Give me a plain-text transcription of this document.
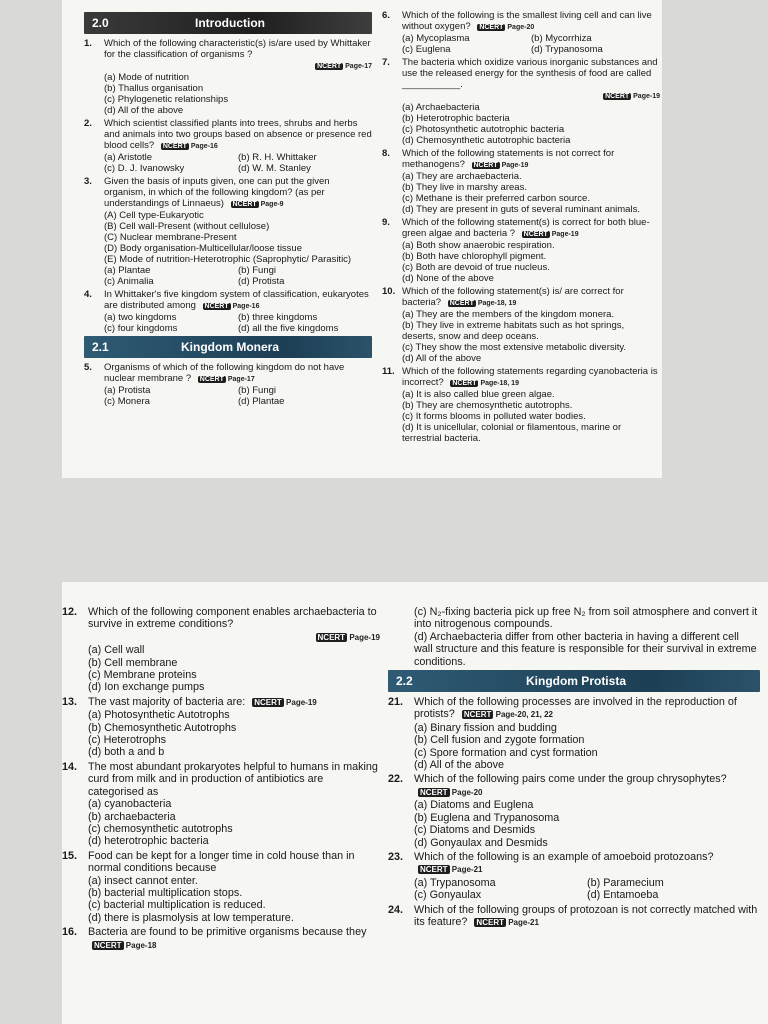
2.0	Introduction
1.	Which of the following characteristic(s) is/are used by Whittaker for the classification of organisms ?
NCERT Page-17
(a) Mode of nutrition
(b) Thallus organisation
(c) Phylogenetic relationships
(d) All of the above
2.	Which scientist classified plants into trees, shrubs and herbs and animals into two groups based on absence or presence red blood cells? NCERT Page-16
(a) Aristotle	(b) R. H. Whittaker
(c) D. J. Ivanowsky	(d) W. M. Stanley
3.	Given the basis of inputs given, one can put the given organism, in which of the following kingdom? (as per understandings of Linnaeus) NCERT Page-9
(A) Cell type-Eukaryotic
(B) Cell wall-Present (without cellulose)
(C) Nuclear membrane-Present
(D) Body organisation-Multicellular/loose tissue
(E) Mode of nutrition-Heterotrophic (Saprophytic/ Parasitic)
(a) Plantae	(b) Fungi
(c) Animalia	(d) Protista
4.	In Whittaker's five kingdom system of classification, eukaryotes are distributed among NCERT Page-16
(a) two kingdoms	(b) three kingdoms
(c) four kingdoms	(d) all the five kingdoms
2.1	Kingdom Monera
5.	Organisms of which of the following kingdom do not have nuclear membrane ? NCERT Page-17
(a) Protista	(b) Fungi
(c) Monera	(d) Plantae
6.	Which of the following is the smallest living cell and can live without oxygen? NCERT Page-20
(a) Mycoplasma	(b) Mycorrhiza
(c) Euglena	(d) Trypanosoma
7.	The bacteria which oxidize various inorganic substances and use the released energy for the synthesis of food are called ___________.
NCERT Page-19
(a) Archaebacteria
(b) Heterotrophic bacteria
(c) Photosynthetic autotrophic bacteria
(d) Chemosynthetic autotrophic bacteria
8.	Which of the following statements is not correct for methanogens? NCERT Page-19
(a) They are archaebacteria.
(b) They live in marshy areas.
(c) Methane is their preferred carbon source.
(d) They are present in guts of several ruminant animals.
9.	Which of the following statement(s) is correct for both blue-green algae and bacteria ? NCERT Page-19
(a) Both show anaerobic respiration.
(b) Both have chlorophyll pigment.
(c) Both are devoid of true nucleus.
(d) None of the above
10. Which of the following statement(s) is/ are correct for bacteria? NCERT Page-18, 19
(a) They are the members of the kingdom monera.
(b) They live in extreme habitats such as hot springs, deserts, snow and deep oceans.
(c) They show the most extensive metabolic diversity.
(d) All of the above
11. Which of the following statements regarding cyanobacteria is incorrect? NCERT Page-18, 19
(a) It is also called blue green algae.
(b) They are chemosynthetic autotrophs.
(c) It forms blooms in polluted water bodies.
(d) It is unicellular, colonial or filamentous, marine or terrestrial bacteria.
12.	Which of the following component enables archaebacteria to survive in extreme conditions?
NCERT Page-19
(a) Cell wall
(b) Cell membrane
(c) Membrane proteins
(d) Ion exchange pumps
13.	The vast majority of bacteria are: NCERT Page-19
(a) Photosynthetic Autotrophs
(b) Chemosynthetic Autotrophs
(c) Heterotrophs
(d) both a and b
14.	The most abundant prokaryotes helpful to humans in making curd from milk and in production of antibiotics are categorised as
(a) cyanobacteria
(b) archaebacteria
(c) chemosynthetic autotrophs
(d) heterotrophic bacteria
15.	Food can be kept for a longer time in cold house than in normal conditions because
(a) insect cannot enter.
(b) bacterial multiplication stops.
(c) bacterial multiplication is reduced.
(d) there is plasmolysis at low temperature.
16.	Bacteria are found to be primitive organisms because they NCERT Page-18
(c) N₂-fixing bacteria pick up free N₂ from soil atmosphere and convert it into nitrogenous compounds.
(d) Archaebacteria differ from other bacteria in having a different cell wall structure and this feature is responsible for their survival in extreme conditions.
2.2	Kingdom Protista
21.	Which of the following processes are involved in the reproduction of protists? NCERT Page-20, 21, 22
(a) Binary fission and budding
(b) Cell fusion and zygote formation
(c) Spore formation and cyst formation
(d) All of the above
22.	Which of the following pairs come under the group chrysophytes? NCERT Page-20
(a) Diatoms and Euglena
(b) Euglena and Trypanosoma
(c) Diatoms and Desmids
(d) Gonyaulax and Desmids
23.	Which of the following is an example of amoeboid protozoans? NCERT Page-21
(a) Trypanosoma	(b) Paramecium
(c) Gonyaulax	(d) Entamoeba
24.	Which of the following groups of protozoan is not correctly matched with its feature? NCERT Page-21
